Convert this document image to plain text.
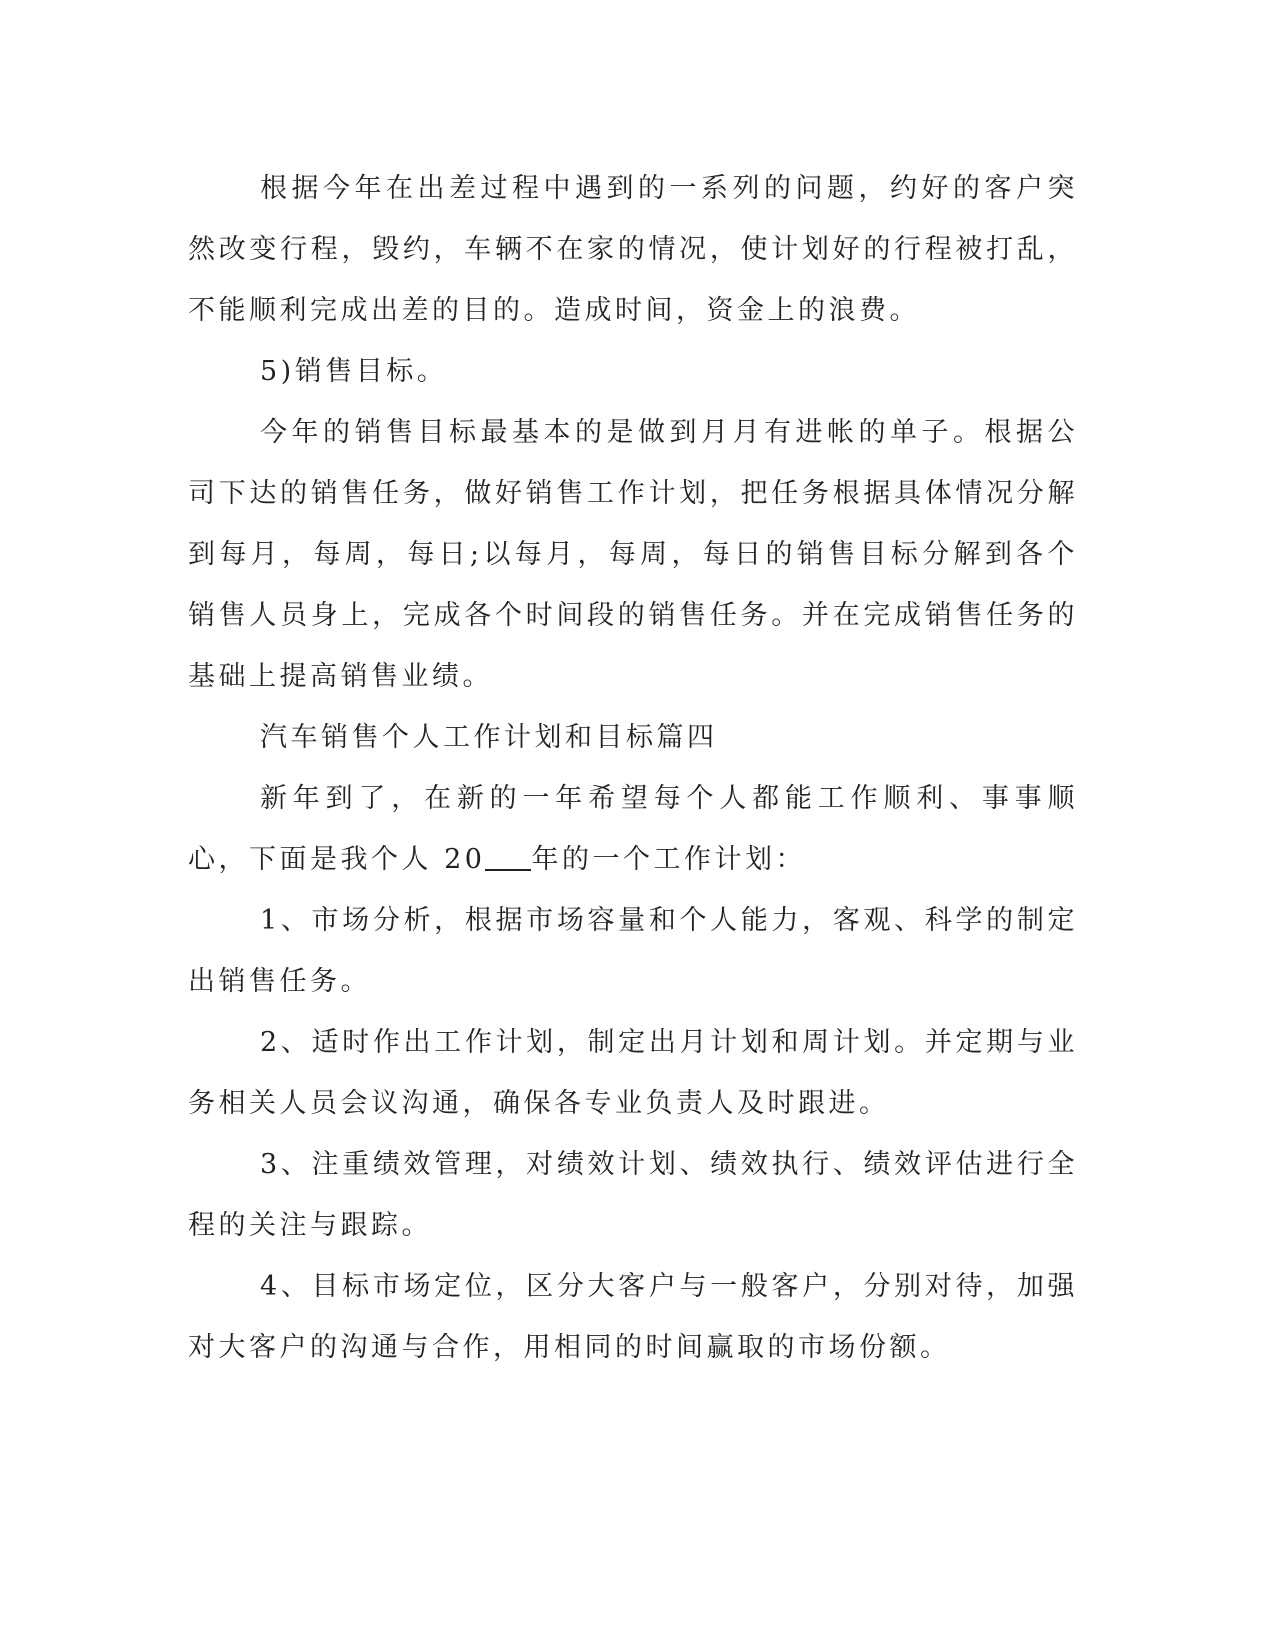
根据今年在出差过程中遇到的一系列的问题，约好的客户突然改变行程，毁约，车辆不在家的情况，使计划好的行程被打乱，不能顺利完成出差的目的。造成时间，资金上的浪费。

5)销售目标。

今年的销售目标最基本的是做到月月有进帐的单子。根据公司下达的销售任务，做好销售工作计划，把任务根据具体情况分解到每月，每周，每日;以每月，每周，每日的销售目标分解到各个销售人员身上，完成各个时间段的销售任务。并在完成销售任务的基础上提高销售业绩。

汽车销售个人工作计划和目标篇四

新年到了，在新的一年希望每个人都能工作顺利、事事顺心，下面是我个人 20 年的一个工作计划：

1、市场分析，根据市场容量和个人能力，客观、科学的制定出销售任务。

2、适时作出工作计划，制定出月计划和周计划。并定期与业务相关人员会议沟通，确保各专业负责人及时跟进。

3、注重绩效管理，对绩效计划、绩效执行、绩效评估进行全程的关注与跟踪。

4、目标市场定位，区分大客户与一般客户，分别对待，加强对大客户的沟通与合作，用相同的时间赢取的市场份额。
